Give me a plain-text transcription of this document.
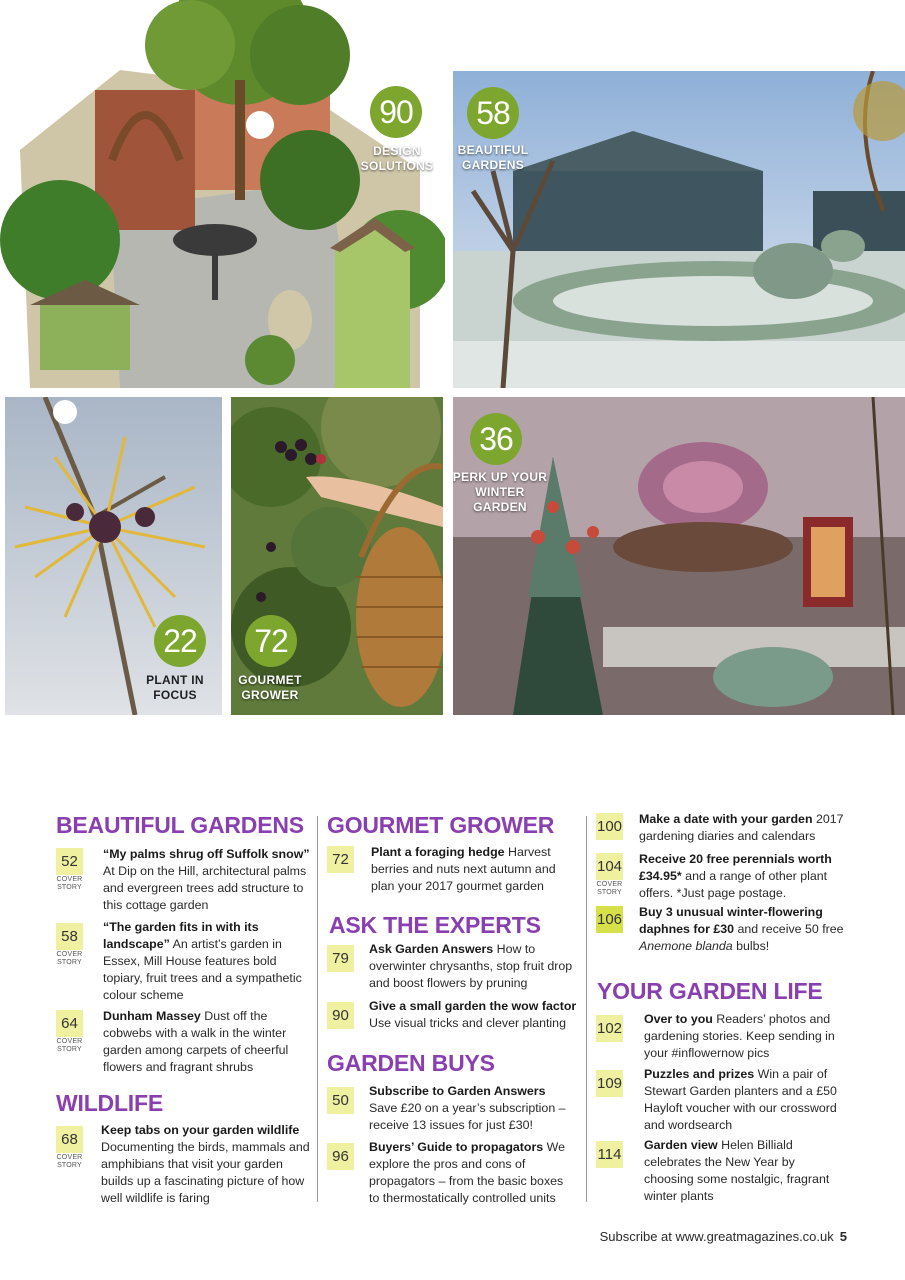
90
DESIGN SOLUTIONS
58
BEAUTIFUL GARDENS
22
PLANT IN FOCUS
72
GOURMET GROWER
36
PERK UP YOUR WINTER GARDEN
BEAUTIFUL GARDENS
52
COVER STORY
“My palms shrug off Suffolk snow” At Dip on the Hill, architectural palms and evergreen trees add structure to this cottage garden
58
COVER STORY
“The garden fits in with its landscape” An artist’s garden in Essex, Mill House features bold topiary, fruit trees and a sympathetic colour scheme
64
COVER STORY
Dunham Massey Dust off the cobwebs with a walk in the winter garden among carpets of cheerful flowers and fragrant shrubs
WILDLIFE
68
COVER STORY
Keep tabs on your garden wildlife Documenting the birds, mammals and amphibians that visit your garden builds up a fascinating picture of how well wildlife is faring
GOURMET GROWER
72	Plant a foraging hedge Harvest berries and nuts next autumn and plan your 2017 gourmet garden
ASK THE EXPERTS
79
Ask Garden Answers How to overwinter chrysanths, stop fruit drop and boost flowers by pruning
90
Give a small garden the wow factor Use visual tricks and clever planting
GARDEN BUYS
50
Subscribe to Garden Answers Save £20 on a year’s subscription – receive 13 issues for just £30!
96
Buyers’ Guide to propagators We explore the pros and cons of propagators – from the basic boxes to thermostatically controlled units
100 Make a date with your garden 2017 gardening diaries and calendars
104
COVER STORY
Receive 20 free perennials worth £34.95* and a range of other plant offers. *Just page postage.
106 Buy 3 unusual winter-flowering daphnes for £30 and receive 50 free Anemone blanda bulbs!
YOUR GARDEN LIFE
102
Over to you Readers’ photos and gardening stories. Keep sending in your #inflowernow pics
109
Puzzles and prizes Win a pair of Stewart Garden planters and a £50 Hayloft voucher with our crossword and wordsearch
114
Garden view Helen Billiald celebrates the New Year by choosing some nostalgic, fragrant winter plants
Subscribe at www.greatmagazines.co.uk 5
